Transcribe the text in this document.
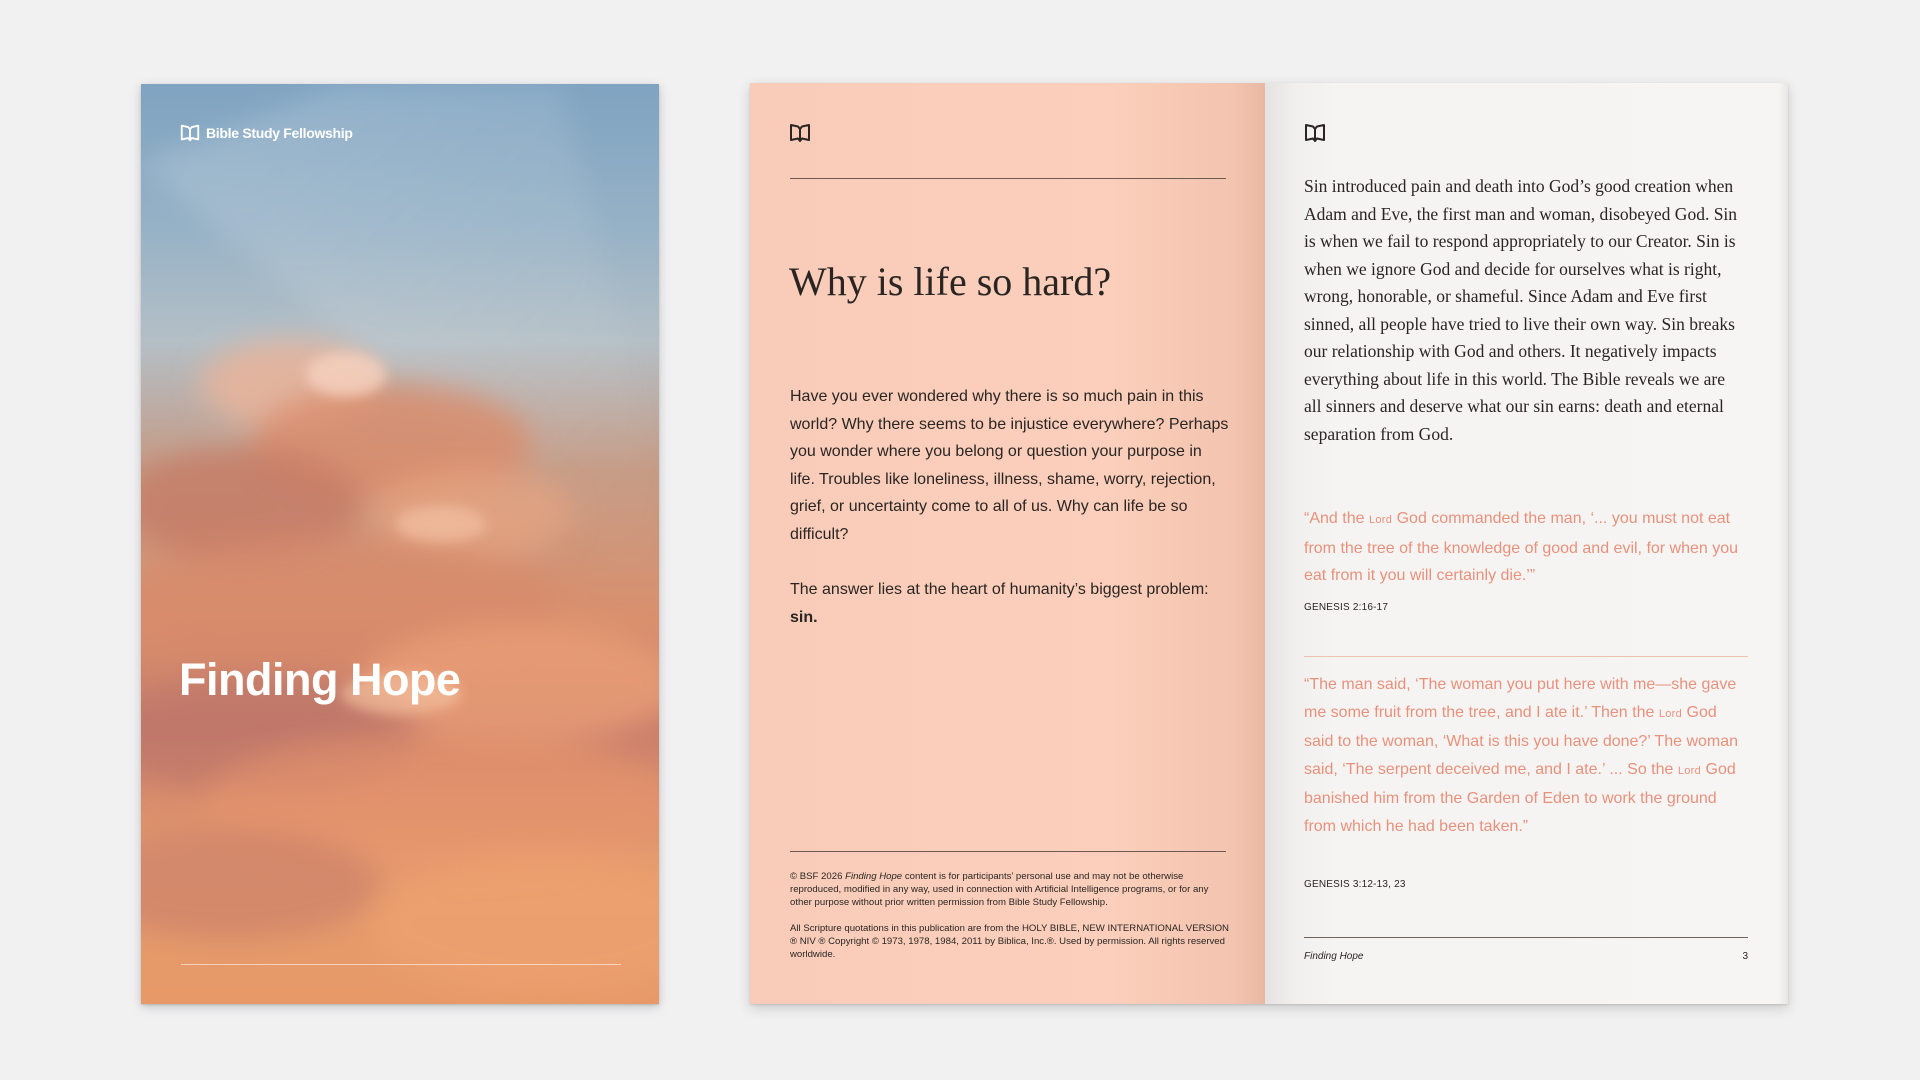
Bible Study Fellowship
Finding Hope
Why is life so hard?

Have you ever wondered why there is so much pain in this world? Why there seems to be injustice everywhere? Perhaps you wonder where you belong or question your purpose in life. Troubles like loneliness, illness, shame, worry, rejection, grief, or uncertainty come to all of us. Why can life be so difficult?

The answer lies at the heart of humanity’s biggest problem: sin.

© BSF 2026 Finding Hope content is for participants’ personal use and may not be otherwise reproduced, modified in any way, used in connection with Artificial Intelligence programs, or for any other purpose without prior written permission from Bible Study Fellowship.

All Scripture quotations in this publication are from the HOLY BIBLE, NEW INTERNATIONAL VERSION ® NIV ® Copyright © 1973, 1978, 1984, 2011 by Biblica, Inc.®. Used by permission. All rights reserved worldwide.

Sin introduced pain and death into God’s good creation when Adam and Eve, the first man and woman, disobeyed God. Sin is when we fail to respond appropriately to our Creator. Sin is when we ignore God and decide for ourselves what is right, wrong, honorable, or shameful. Since Adam and Eve first sinned, all people have tried to live their own way. Sin breaks our relationship with God and others. It negatively impacts everything about life in this world. The Bible reveals we are all sinners and deserve what our sin earns: death and eternal separation from God.
“And the Lord God commanded the man, ‘... you must not eat from the tree of the knowledge of good and evil, for when you eat from it you will certainly die.’”
GENESIS 2:16-17
“The man said, ‘The woman you put here with me—she gave me some fruit from the tree, and I ate it.’ Then the Lord God said to the woman, ‘What is this you have done?’ The woman said, ‘The serpent deceived me, and I ate.’ ... So the Lord God banished him from the Garden of Eden to work the ground from which he had been taken.”
GENESIS 3:12-13, 23
Finding Hope	3
